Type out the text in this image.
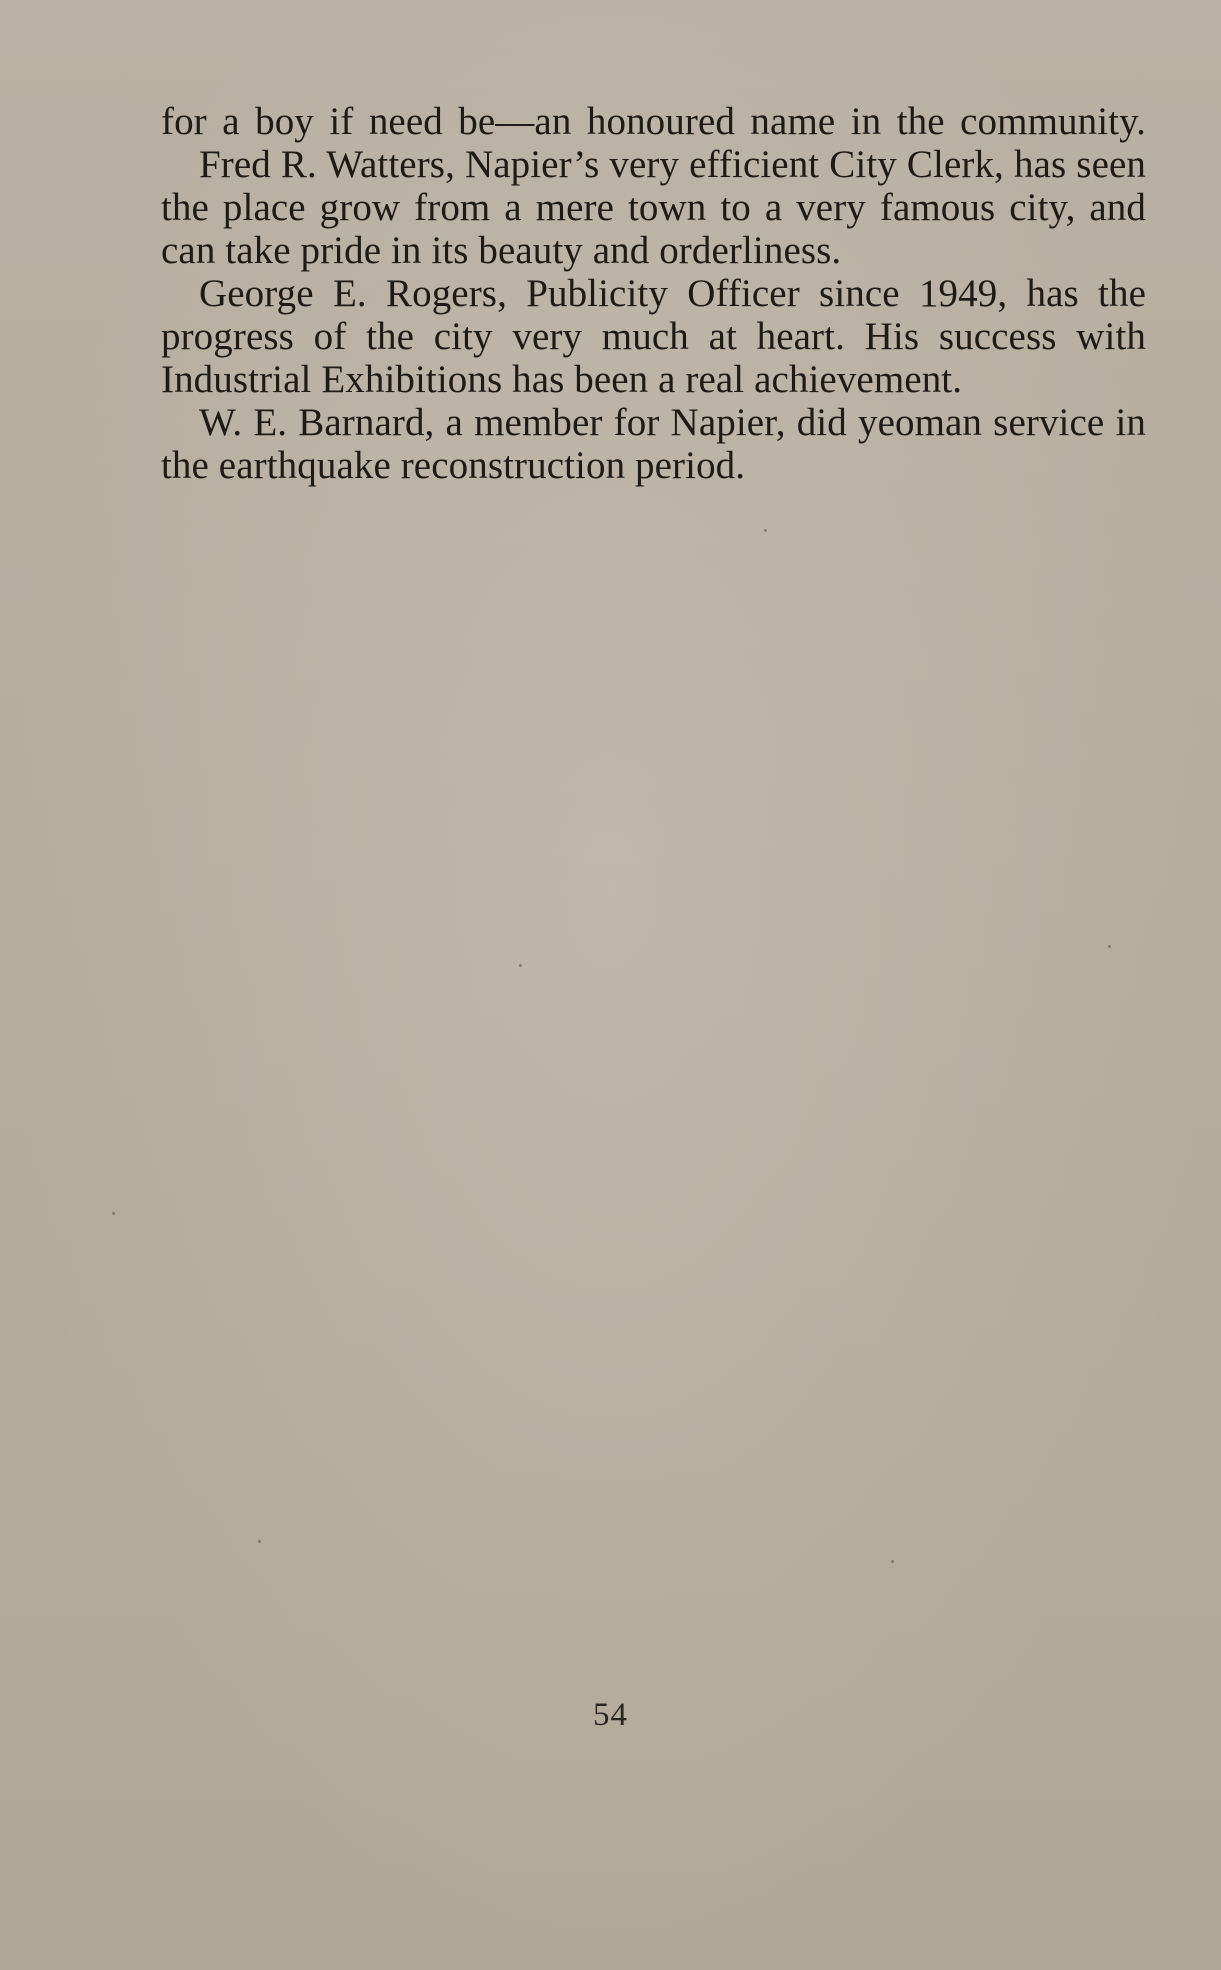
for a boy if need be—an honoured name in the community.

Fred R. Watters, Napier’s very efficient City Clerk, has seen the place grow from a mere town to a very famous city, and can take pride in its beauty and orderliness.

George E. Rogers, Publicity Officer since 1949, has the progress of the city very much at heart. His success with Industrial Exhibitions has been a real achievement.

W. E. Barnard, a member for Napier, did yeoman service in the earthquake reconstruction period.

54
